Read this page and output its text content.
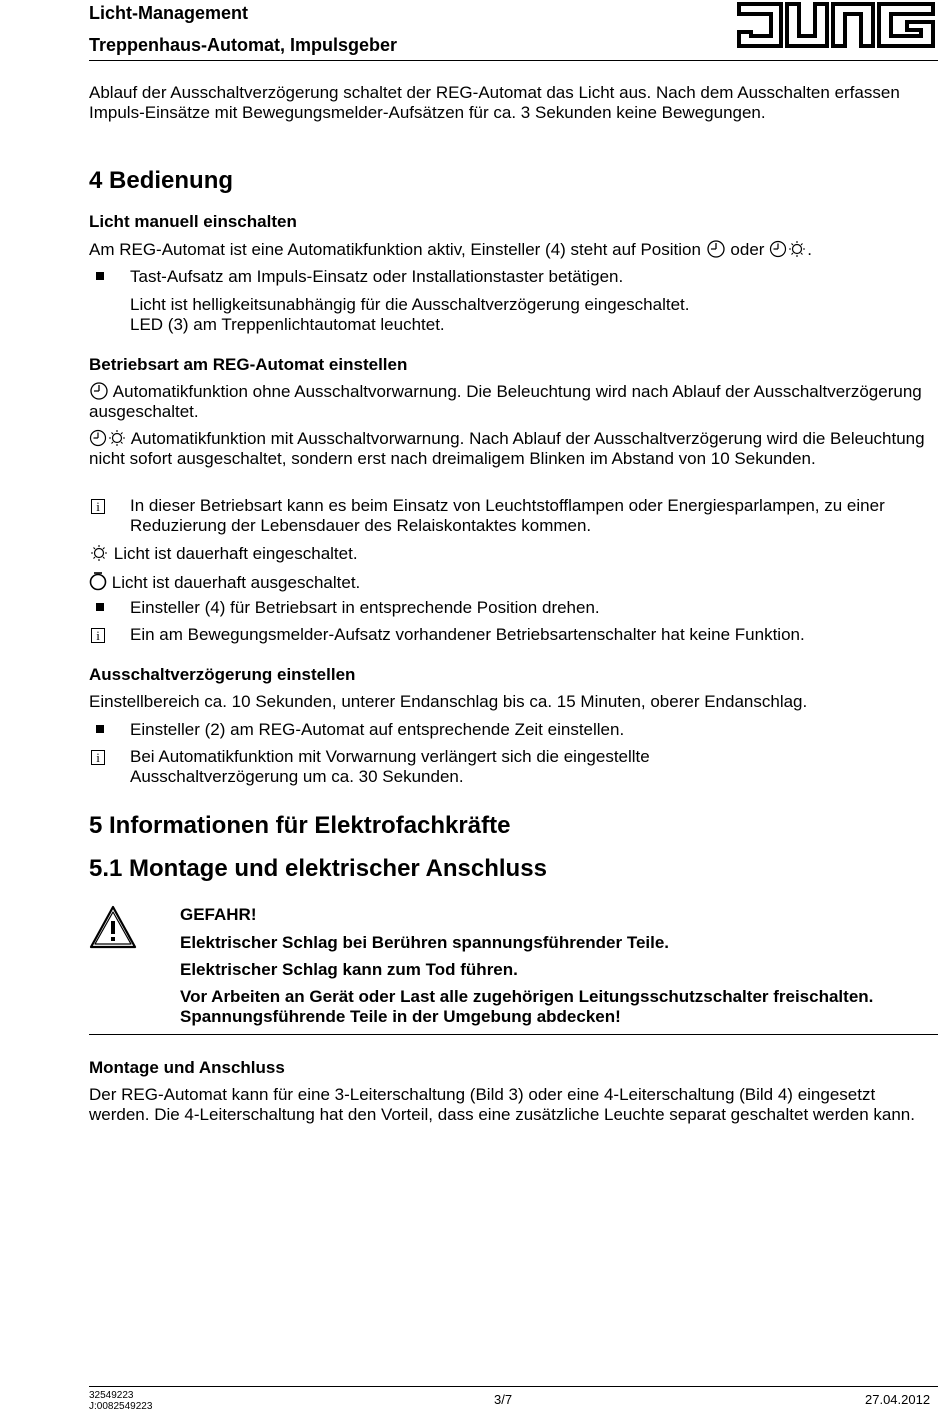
Licht-Management
Treppenhaus-Automat, Impulsgeber
Ablauf der Ausschaltverzögerung schaltet der REG-Automat das Licht aus. Nach dem Ausschalten erfassen Impuls-Einsätze mit Bewegungsmelder-Aufsätzen für ca. 3 Sekunden keine Bewegungen.
4 Bedienung
Licht manuell einschalten
Am REG-Automat ist eine Automatikfunktion aktiv, Einsteller (4) steht auf Position oder	.
Tast-Aufsatz am Impuls-Einsatz oder Installationstaster betätigen.
Licht ist helligkeitsunabhängig für die Ausschaltverzögerung eingeschaltet.
LED (3) am Treppenlichtautomat leuchtet.
Betriebsart am REG-Automat einstellen
Automatikfunktion ohne Ausschaltvorwarnung. Die Beleuchtung wird nach Ablauf der Ausschaltverzögerung ausgeschaltet.
Automatikfunktion mit Ausschaltvorwarnung. Nach Ablauf der Ausschaltverzögerung wird die Beleuchtung nicht sofort ausgeschaltet, sondern erst nach dreimaligem Blinken im Abstand von 10 Sekunden.
i	In dieser Betriebsart kann es beim Einsatz von Leuchtstofflampen oder Energiesparlampen, zu einer Reduzierung der Lebensdauer des Relaiskontaktes kommen.
Licht ist dauerhaft eingeschaltet.
Licht ist dauerhaft ausgeschaltet.
Einsteller (4) für Betriebsart in entsprechende Position drehen.
i	Ein am Bewegungsmelder-Aufsatz vorhandener Betriebsartenschalter hat keine Funktion.
Ausschaltverzögerung einstellen
Einstellbereich ca. 10 Sekunden, unterer Endanschlag bis ca. 15 Minuten, oberer Endanschlag.
Einsteller (2) am REG-Automat auf entsprechende Zeit einstellen.
i	Bei Automatikfunktion mit Vorwarnung verlängert sich die eingestellte Ausschaltverzögerung um ca. 30 Sekunden.
5 Informationen für Elektrofachkräfte
5.1 Montage und elektrischer Anschluss
GEFAHR!
Elektrischer Schlag bei Berühren spannungsführender Teile.
Elektrischer Schlag kann zum Tod führen.
Vor Arbeiten an Gerät oder Last alle zugehörigen Leitungsschutzschalter freischalten. Spannungsführende Teile in der Umgebung abdecken!
Montage und Anschluss
Der REG-Automat kann für eine 3-Leiterschaltung (Bild 3) oder eine 4-Leiterschaltung (Bild 4) eingesetzt werden. Die 4-Leiterschaltung hat den Vorteil, dass eine zusätzliche Leuchte separat geschaltet werden kann.
32549223
J:0082549223	3/7	27.04.2012
